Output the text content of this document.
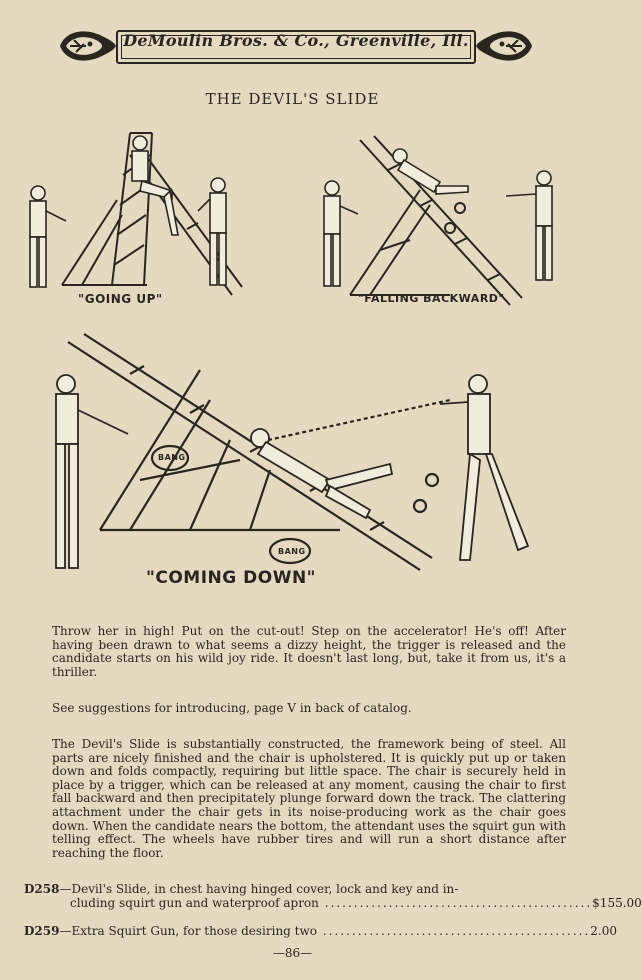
DeMoulin Bros. & Co., Greenville, Ill.
THE DEVIL'S SLIDE
"GOING UP"	"FALLING BACKWARD"
BANG
BANG
"COMING DOWN"

Throw her in high! Put on the cut-out! Step on the accelerator! He's off! After having been drawn to what seems a dizzy height, the trigger is released and the candidate starts on his wild joy ride. It doesn't last long, but, take it from us, it's a thriller.

See suggestions for introducing, page V in back of catalog.

The Devil's Slide is substantially constructed, the framework being of steel. All parts are nicely finished and the chair is upholstered. It is quickly put up or taken down and folds compactly, requiring but little space. The chair is securely held in place by a trigger, which can be released at any moment, causing the chair to first fall backward and then precipitately plunge forward down the track. The clattering attachment under the chair gets in its noise-producing work as the chair goes down. When the candidate nears the bottom, the attendant uses the squirt gun with telling effect. The wheels have rubber tires and will run a short distance after reaching the floor.

D258 —Devil's Slide, in chest having hinged cover, lock and key and in-
cluding squirt gun and waterproof apron .............................................. $155.00
D259 —Extra Squirt Gun, for those desiring two .............................................. 2.00
—86—
